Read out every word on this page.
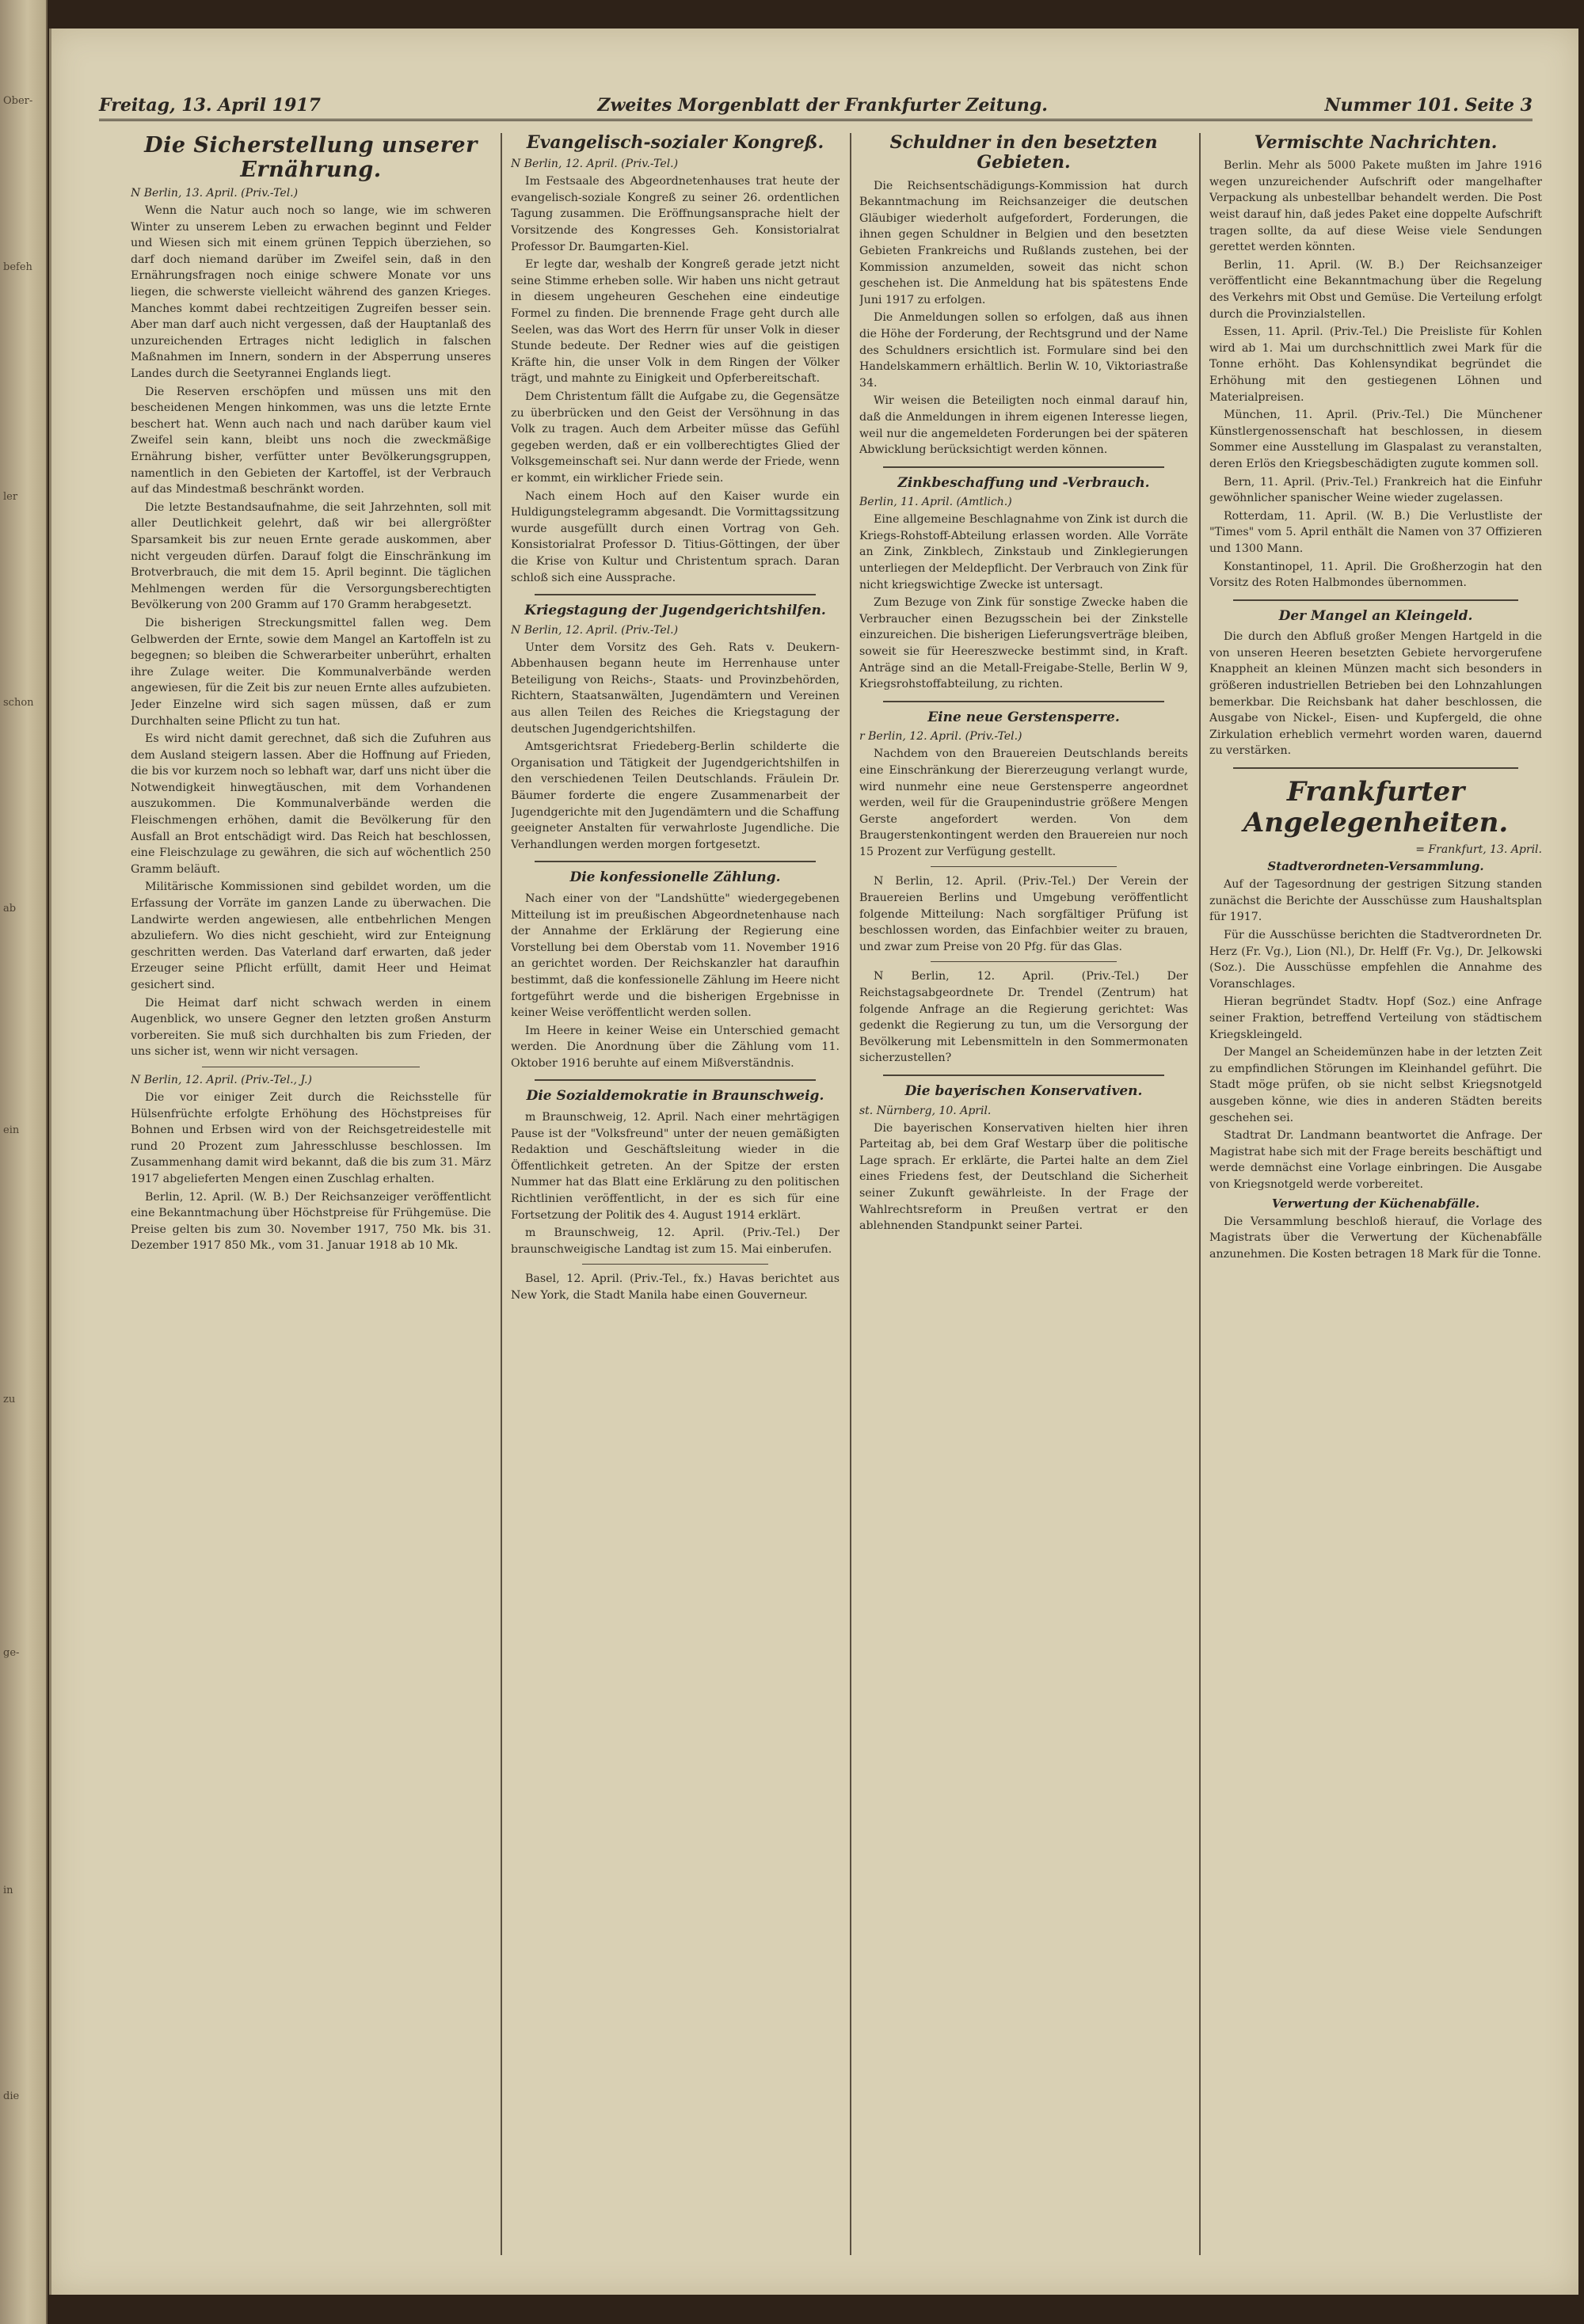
Ober-
befeh
ler
schon
ab
ein
zu
ge-
in
die
Freitag, 13. April 1917	Zweites Morgenblatt der Frankfurter Zeitung.	Nummer 101. Seite 3
Die Sicherstellung unserer Ernährung.
N Berlin, 13. April. (Priv.-Tel.)

Wenn die Natur auch noch so lange, wie im schweren Winter zu unserem Leben zu erwachen beginnt und Felder und Wiesen sich mit einem grünen Teppich überziehen, so darf doch niemand darüber im Zweifel sein, daß in den Ernährungsfragen noch einige schwere Monate vor uns liegen, die schwerste vielleicht während des ganzen Krieges. Manches kommt dabei rechtzeitigen Zugreifen besser sein. Aber man darf auch nicht vergessen, daß der Hauptanlaß des unzureichenden Ertrages nicht lediglich in falschen Maßnahmen im Innern, sondern in der Absperrung unseres Landes durch die Seetyrannei Englands liegt.

Die Reserven erschöpfen und müssen uns mit den bescheidenen Mengen hinkommen, was uns die letzte Ernte beschert hat. Wenn auch nach und nach darüber kaum viel Zweifel sein kann, bleibt uns noch die zweckmäßige Ernährung bisher, verfütter unter Bevölkerungsgruppen, namentlich in den Gebieten der Kartoffel, ist der Verbrauch auf das Mindestmaß beschränkt worden.

Die letzte Bestandsaufnahme, die seit Jahrzehnten, soll mit aller Deutlichkeit gelehrt, daß wir bei allergrößter Sparsamkeit bis zur neuen Ernte gerade auskommen, aber nicht vergeuden dürfen. Darauf folgt die Einschränkung im Brotverbrauch, die mit dem 15. April beginnt. Die täglichen Mehlmengen werden für die Versorgungsberechtigten Bevölkerung von 200 Gramm auf 170 Gramm herabgesetzt.

Die bisherigen Streckungsmittel fallen weg. Dem Gelbwerden der Ernte, sowie dem Mangel an Kartoffeln ist zu begegnen; so bleiben die Schwerarbeiter unberührt, erhalten ihre Zulage weiter. Die Kommunalverbände werden angewiesen, für die Zeit bis zur neuen Ernte alles aufzubieten. Jeder Einzelne wird sich sagen müssen, daß er zum Durchhalten seine Pflicht zu tun hat.

Es wird nicht damit gerechnet, daß sich die Zufuhren aus dem Ausland steigern lassen. Aber die Hoffnung auf Frieden, die bis vor kurzem noch so lebhaft war, darf uns nicht über die Notwendigkeit hinwegtäuschen, mit dem Vorhandenen auszukommen. Die Kommunalverbände werden die Fleischmengen erhöhen, damit die Bevölkerung für den Ausfall an Brot entschädigt wird. Das Reich hat beschlossen, eine Fleischzulage zu gewähren, die sich auf wöchentlich 250 Gramm beläuft.

Militärische Kommissionen sind gebildet worden, um die Erfassung der Vorräte im ganzen Lande zu überwachen. Die Landwirte werden angewiesen, alle entbehrlichen Mengen abzuliefern. Wo dies nicht geschieht, wird zur Enteignung geschritten werden. Das Vaterland darf erwarten, daß jeder Erzeuger seine Pflicht erfüllt, damit Heer und Heimat gesichert sind.

Die Heimat darf nicht schwach werden in einem Augenblick, wo unsere Gegner den letzten großen Ansturm vorbereiten. Sie muß sich durchhalten bis zum Frieden, der uns sicher ist, wenn wir nicht versagen.

N Berlin, 12. April. (Priv.-Tel., J.)

Die vor einiger Zeit durch die Reichsstelle für Hülsenfrüchte erfolgte Erhöhung des Höchstpreises für Bohnen und Erbsen wird von der Reichsgetreidestelle mit rund 20 Prozent zum Jahresschlusse beschlossen. Im Zusammenhang damit wird bekannt, daß die bis zum 31. März 1917 abgelieferten Mengen einen Zuschlag erhalten.

Berlin, 12. April. (W. B.) Der Reichsanzeiger veröffentlicht eine Bekanntmachung über Höchstpreise für Frühgemüse. Die Preise gelten bis zum 30. November 1917, 750 Mk. bis 31. Dezember 1917 850 Mk., vom 31. Januar 1918 ab 10 Mk.

Evangelisch-sozialer Kongreß.
N Berlin, 12. April. (Priv.-Tel.)

Im Festsaale des Abgeordnetenhauses trat heute der evangelisch-soziale Kongreß zu seiner 26. ordentlichen Tagung zusammen. Die Eröffnungsansprache hielt der Vorsitzende des Kongresses Geh. Konsistorialrat Professor Dr. Baumgarten-Kiel.

Er legte dar, weshalb der Kongreß gerade jetzt nicht seine Stimme erheben solle. Wir haben uns nicht getraut in diesem ungeheuren Geschehen eine eindeutige Formel zu finden. Die brennende Frage geht durch alle Seelen, was das Wort des Herrn für unser Volk in dieser Stunde bedeute. Der Redner wies auf die geistigen Kräfte hin, die unser Volk in dem Ringen der Völker trägt, und mahnte zu Einigkeit und Opferbereitschaft.

Dem Christentum fällt die Aufgabe zu, die Gegensätze zu überbrücken und den Geist der Versöhnung in das Volk zu tragen. Auch dem Arbeiter müsse das Gefühl gegeben werden, daß er ein vollberechtigtes Glied der Volksgemeinschaft sei. Nur dann werde der Friede, wenn er kommt, ein wirklicher Friede sein.

Nach einem Hoch auf den Kaiser wurde ein Huldigungstelegramm abgesandt. Die Vormittagssitzung wurde ausgefüllt durch einen Vortrag von Geh. Konsistorialrat Professor D. Titius-Göttingen, der über die Krise von Kultur und Christentum sprach. Daran schloß sich eine Aussprache.

Kriegstagung der Jugendgerichtshilfen.
N Berlin, 12. April. (Priv.-Tel.)

Unter dem Vorsitz des Geh. Rats v. Deukern-Abbenhausen begann heute im Herrenhause unter Beteiligung von Reichs-, Staats- und Provinzbehörden, Richtern, Staatsanwälten, Jugendämtern und Vereinen aus allen Teilen des Reiches die Kriegstagung der deutschen Jugendgerichtshilfen.

Amtsgerichtsrat Friedeberg-Berlin schilderte die Organisation und Tätigkeit der Jugendgerichtshilfen in den verschiedenen Teilen Deutschlands. Fräulein Dr. Bäumer forderte die engere Zusammenarbeit der Jugendgerichte mit den Jugendämtern und die Schaffung geeigneter Anstalten für verwahrloste Jugendliche. Die Verhandlungen werden morgen fortgesetzt.

Die konfessionelle Zählung.

Nach einer von der "Landshütte" wiedergegebenen Mitteilung ist im preußischen Abgeordnetenhause nach der Annahme der Erklärung der Regierung eine Vorstellung bei dem Oberstab vom 11. November 1916 an gerichtet worden. Der Reichskanzler hat daraufhin bestimmt, daß die konfessionelle Zählung im Heere nicht fortgeführt werde und die bisherigen Ergebnisse in keiner Weise veröffentlicht werden sollen.

Im Heere in keiner Weise ein Unterschied gemacht werden. Die Anordnung über die Zählung vom 11. Oktober 1916 beruhte auf einem Mißverständnis.

Die Sozialdemokratie in Braunschweig.

m Braunschweig, 12. April. Nach einer mehrtägigen Pause ist der "Volksfreund" unter der neuen gemäßigten Redaktion und Geschäftsleitung wieder in die Öffentlichkeit getreten. An der Spitze der ersten Nummer hat das Blatt eine Erklärung zu den politischen Richtlinien veröffentlicht, in der es sich für eine Fortsetzung der Politik des 4. August 1914 erklärt.

m Braunschweig, 12. April. (Priv.-Tel.) Der braunschweigische Landtag ist zum 15. Mai einberufen.

Basel, 12. April. (Priv.-Tel., fx.) Havas berichtet aus New York, die Stadt Manila habe einen Gouverneur.

Schuldner in den besetzten Gebieten.

Die Reichsentschädigungs-Kommission hat durch Bekanntmachung im Reichsanzeiger die deutschen Gläubiger wiederholt aufgefordert, Forderungen, die ihnen gegen Schuldner in Belgien und den besetzten Gebieten Frankreichs und Rußlands zustehen, bei der Kommission anzumelden, soweit das nicht schon geschehen ist. Die Anmeldung hat bis spätestens Ende Juni 1917 zu erfolgen.

Die Anmeldungen sollen so erfolgen, daß aus ihnen die Höhe der Forderung, der Rechtsgrund und der Name des Schuldners ersichtlich ist. Formulare sind bei den Handelskammern erhältlich. Berlin W. 10, Viktoriastraße 34.

Wir weisen die Beteiligten noch einmal darauf hin, daß die Anmeldungen in ihrem eigenen Interesse liegen, weil nur die angemeldeten Forderungen bei der späteren Abwicklung berücksichtigt werden können.

Zinkbeschaffung und -Verbrauch.
Berlin, 11. April. (Amtlich.)

Eine allgemeine Beschlagnahme von Zink ist durch die Kriegs-Rohstoff-Abteilung erlassen worden. Alle Vorräte an Zink, Zinkblech, Zinkstaub und Zinklegierungen unterliegen der Meldepflicht. Der Verbrauch von Zink für nicht kriegswichtige Zwecke ist untersagt.

Zum Bezuge von Zink für sonstige Zwecke haben die Verbraucher einen Bezugsschein bei der Zinkstelle einzureichen. Die bisherigen Lieferungsverträge bleiben, soweit sie für Heereszwecke bestimmt sind, in Kraft. Anträge sind an die Metall-Freigabe-Stelle, Berlin W 9, Kriegsrohstoffabteilung, zu richten.

Eine neue Gerstensperre.
r Berlin, 12. April. (Priv.-Tel.)

Nachdem von den Brauereien Deutschlands bereits eine Einschränkung der Biererzeugung verlangt wurde, wird nunmehr eine neue Gerstensperre angeordnet werden, weil für die Graupenindustrie größere Mengen Gerste angefordert werden. Von dem Braugerstenkontingent werden den Brauereien nur noch 15 Prozent zur Verfügung gestellt.

N Berlin, 12. April. (Priv.-Tel.) Der Verein der Brauereien Berlins und Umgebung veröffentlicht folgende Mitteilung: Nach sorgfältiger Prüfung ist beschlossen worden, das Einfachbier weiter zu brauen, und zwar zum Preise von 20 Pfg. für das Glas.

N Berlin, 12. April. (Priv.-Tel.) Der Reichstagsabgeordnete Dr. Trendel (Zentrum) hat folgende Anfrage an die Regierung gerichtet: Was gedenkt die Regierung zu tun, um die Versorgung der Bevölkerung mit Lebensmitteln in den Sommermonaten sicherzustellen?

Die bayerischen Konservativen.
st. Nürnberg, 10. April.

Die bayerischen Konservativen hielten hier ihren Parteitag ab, bei dem Graf Westarp über die politische Lage sprach. Er erklärte, die Partei halte an dem Ziel eines Friedens fest, der Deutschland die Sicherheit seiner Zukunft gewährleiste. In der Frage der Wahlrechtsreform in Preußen vertrat er den ablehnenden Standpunkt seiner Partei.

Vermischte Nachrichten.

Berlin. Mehr als 5000 Pakete mußten im Jahre 1916 wegen unzureichender Aufschrift oder mangelhafter Verpackung als unbestellbar behandelt werden. Die Post weist darauf hin, daß jedes Paket eine doppelte Aufschrift tragen sollte, da auf diese Weise viele Sendungen gerettet werden könnten.

Berlin, 11. April. (W. B.) Der Reichsanzeiger veröffentlicht eine Bekanntmachung über die Regelung des Verkehrs mit Obst und Gemüse. Die Verteilung erfolgt durch die Provinzialstellen.

Essen, 11. April. (Priv.-Tel.) Die Preisliste für Kohlen wird ab 1. Mai um durchschnittlich zwei Mark für die Tonne erhöht. Das Kohlensyndikat begründet die Erhöhung mit den gestiegenen Löhnen und Materialpreisen.

München, 11. April. (Priv.-Tel.) Die Münchener Künstlergenossenschaft hat beschlossen, in diesem Sommer eine Ausstellung im Glaspalast zu veranstalten, deren Erlös den Kriegsbeschädigten zugute kommen soll.

Bern, 11. April. (Priv.-Tel.) Frankreich hat die Einfuhr gewöhnlicher spanischer Weine wieder zugelassen.

Rotterdam, 11. April. (W. B.) Die Verlustliste der "Times" vom 5. April enthält die Namen von 37 Offizieren und 1300 Mann.

Konstantinopel, 11. April. Die Großherzogin hat den Vorsitz des Roten Halbmondes übernommen.

Der Mangel an Kleingeld.

Die durch den Abfluß großer Mengen Hartgeld in die von unseren Heeren besetzten Gebiete hervorgerufene Knappheit an kleinen Münzen macht sich besonders in größeren industriellen Betrieben bei den Lohnzahlungen bemerkbar. Die Reichsbank hat daher beschlossen, die Ausgabe von Nickel-, Eisen- und Kupfergeld, die ohne Zirkulation erheblich vermehrt worden waren, dauernd zu verstärken.

Frankfurter Angelegenheiten.
= Frankfurt, 13. April.
Stadtverordneten-Versammlung.

Auf der Tagesordnung der gestrigen Sitzung standen zunächst die Berichte der Ausschüsse zum Haushaltsplan für 1917.

Für die Ausschüsse berichten die Stadtverordneten Dr. Herz (Fr. Vg.), Lion (Nl.), Dr. Helff (Fr. Vg.), Dr. Jelkowski (Soz.). Die Ausschüsse empfehlen die Annahme des Voranschlages.

Hieran begründet Stadtv. Hopf (Soz.) eine Anfrage seiner Fraktion, betreffend Verteilung von städtischem Kriegskleingeld.

Der Mangel an Scheidemünzen habe in der letzten Zeit zu empfindlichen Störungen im Kleinhandel geführt. Die Stadt möge prüfen, ob sie nicht selbst Kriegsnotgeld ausgeben könne, wie dies in anderen Städten bereits geschehen sei.

Stadtrat Dr. Landmann beantwortet die Anfrage. Der Magistrat habe sich mit der Frage bereits beschäftigt und werde demnächst eine Vorlage einbringen. Die Ausgabe von Kriegsnotgeld werde vorbereitet.

Verwertung der Küchenabfälle.

Die Versammlung beschloß hierauf, die Vorlage des Magistrats über die Verwertung der Küchenabfälle anzunehmen. Die Kosten betragen 18 Mark für die Tonne.
